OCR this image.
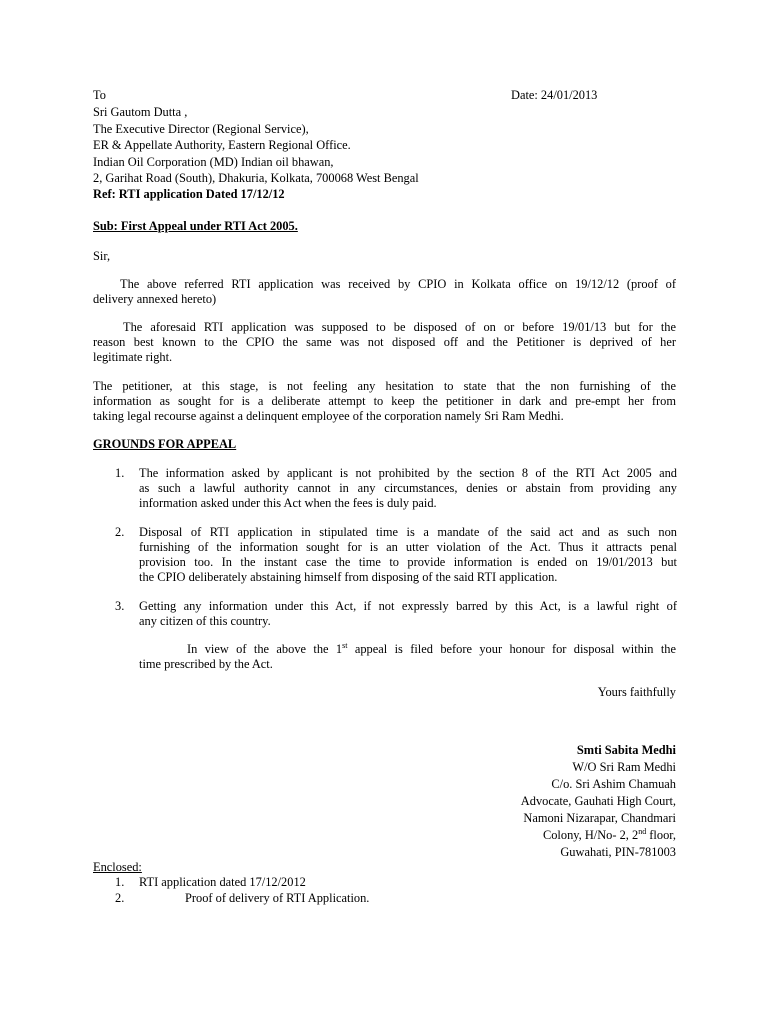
To	Date: 24/01/2013
Sri Gautom Dutta ,
The Executive Director (Regional Service),
ER & Appellate Authority, Eastern Regional Office.
Indian Oil Corporation (MD) Indian oil bhawan,
2, Garihat Road (South), Dhakuria, Kolkata, 700068 West Bengal
Ref: RTI application Dated 17/12/12
Sub: First Appeal under RTI Act 2005.
Sir,
The above referred RTI application was received by CPIO in Kolkata office on 19/12/12 (proof of
delivery annexed hereto)
The aforesaid RTI application was supposed to be disposed of on or before 19/01/13 but for the
reason best known to the CPIO the same was not disposed off and the Petitioner is deprived of her
legitimate right.
The petitioner, at this stage, is not feeling any hesitation to state that the non furnishing of the
information as sought for is a deliberate attempt to keep the petitioner in dark and pre-empt her from
taking legal recourse against a delinquent employee of the corporation namely Sri Ram Medhi.
GROUNDS FOR APPEAL
1. The information asked by applicant is not prohibited by the section 8 of the RTI Act 2005 and
as such a lawful authority cannot in any circumstances, denies or abstain from providing any
information asked under this Act when the fees is duly paid.
2. Disposal of RTI application in stipulated time is a mandate of the said act and as such non
furnishing of the information sought for is an utter violation of the Act. Thus it attracts penal
provision too. In the instant case the time to provide information is ended on 19/01/2013 but
the CPIO deliberately abstaining himself from disposing of the said RTI application.
3. Getting any information under this Act, if not expressly barred by this Act, is a lawful right of
any citizen of this country.
In view of the above the 1st appeal is filed before your honour for disposal within the
time prescribed by the Act.
Yours faithfully
Smti Sabita Medhi
W/O Sri Ram Medhi
C/o. Sri Ashim Chamuah
Advocate, Gauhati High Court,
Namoni Nizarapar, Chandmari
Colony, H/No- 2, 2nd floor,
Guwahati, PIN-781003
Enclosed:
1. RTI application dated 17/12/2012
2.	Proof of delivery of RTI Application.
